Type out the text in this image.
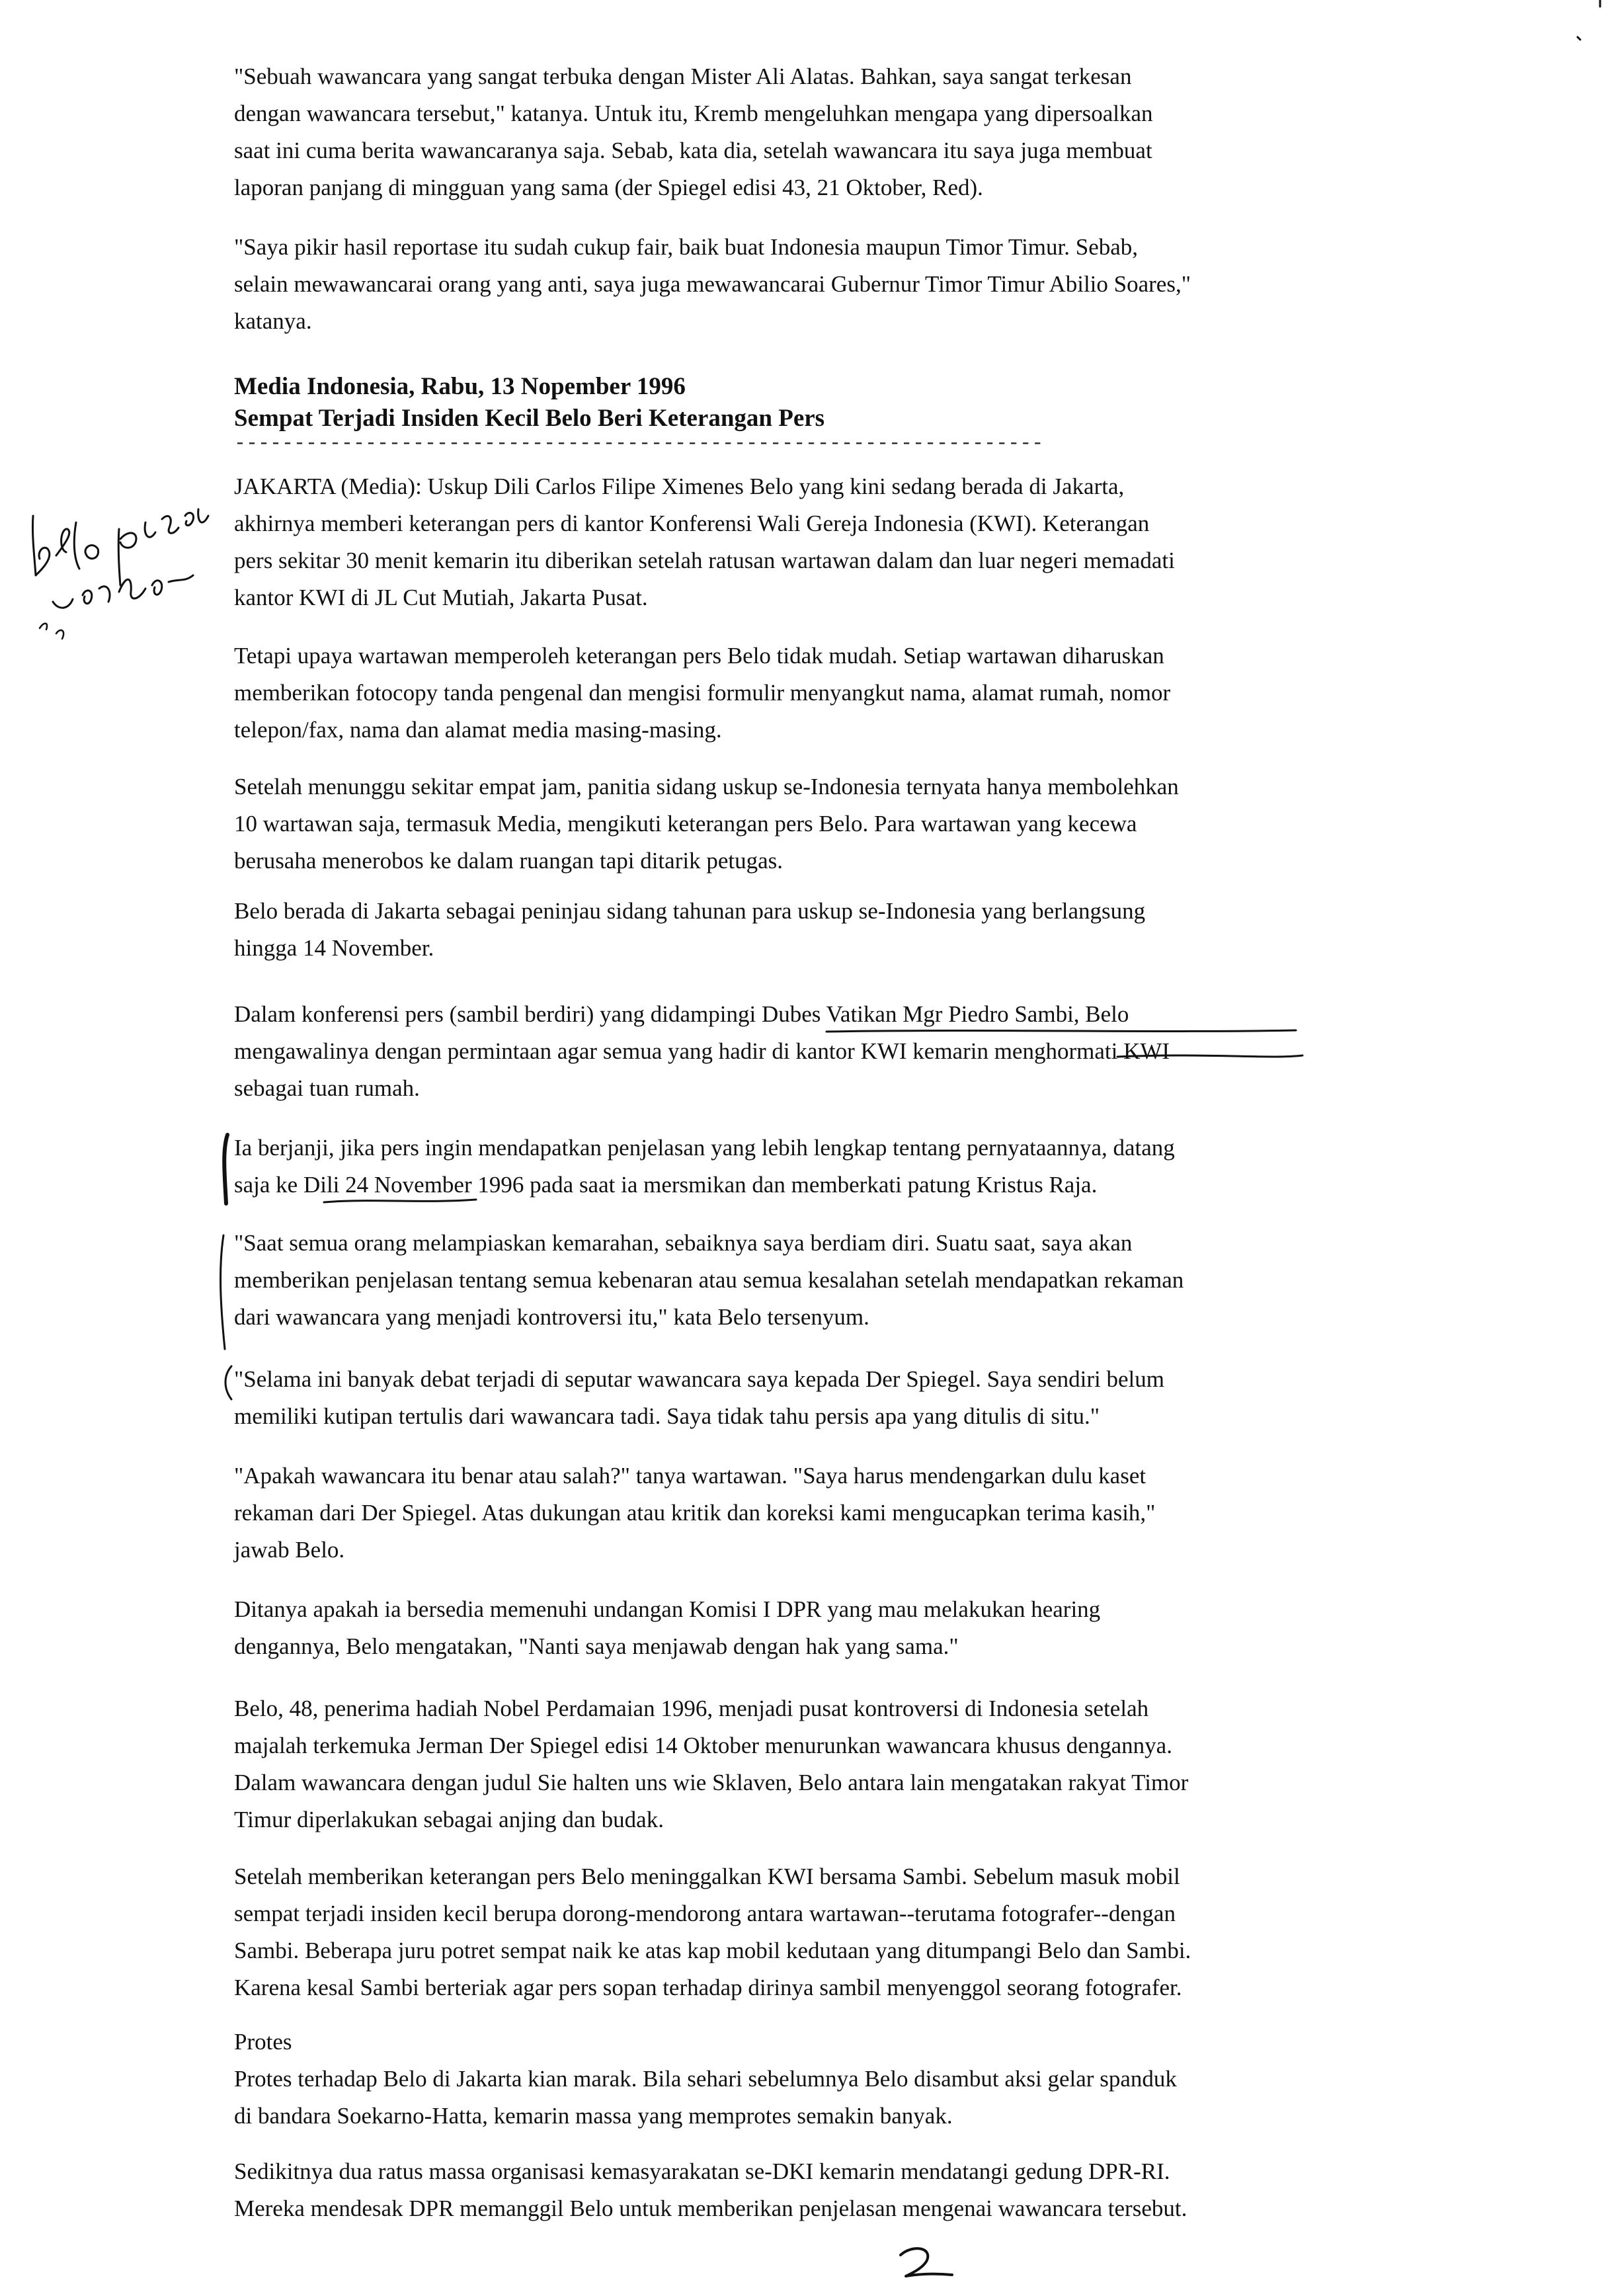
"Sebuah wawancara yang sangat terbuka dengan Mister Ali Alatas. Bahkan, saya sangat terkesan
dengan wawancara tersebut," katanya. Untuk itu, Kremb mengeluhkan mengapa yang dipersoalkan
saat ini cuma berita wawancaranya saja. Sebab, kata dia, setelah wawancara itu saya juga membuat
laporan panjang di mingguan yang sama (der Spiegel edisi 43, 21 Oktober, Red).
"Saya pikir hasil reportase itu sudah cukup fair, baik buat Indonesia maupun Timor Timur. Sebab,
selain mewawancarai orang yang anti, saya juga mewawancarai Gubernur Timor Timur Abilio Soares,"
katanya.
Media Indonesia, Rabu, 13 Nopember 1996
Sempat Terjadi Insiden Kecil Belo Beri Keterangan Pers
--------------------------------------------------------------------
JAKARTA (Media): Uskup Dili Carlos Filipe Ximenes Belo yang kini sedang berada di Jakarta,
akhirnya memberi keterangan pers di kantor Konferensi Wali Gereja Indonesia (KWI). Keterangan
pers sekitar 30 menit kemarin itu diberikan setelah ratusan wartawan dalam dan luar negeri memadati
kantor KWI di JL Cut Mutiah, Jakarta Pusat.
Tetapi upaya wartawan memperoleh keterangan pers Belo tidak mudah. Setiap wartawan diharuskan
memberikan fotocopy tanda pengenal dan mengisi formulir menyangkut nama, alamat rumah, nomor
telepon/fax, nama dan alamat media masing-masing.
Setelah menunggu sekitar empat jam, panitia sidang uskup se-Indonesia ternyata hanya membolehkan
10 wartawan saja, termasuk Media, mengikuti keterangan pers Belo. Para wartawan yang kecewa
berusaha menerobos ke dalam ruangan tapi ditarik petugas.
Belo berada di Jakarta sebagai peninjau sidang tahunan para uskup se-Indonesia yang berlangsung
hingga 14 November.
Dalam konferensi pers (sambil berdiri) yang didampingi Dubes Vatikan Mgr Piedro Sambi, Belo
mengawalinya dengan permintaan agar semua yang hadir di kantor KWI kemarin menghormati KWI
sebagai tuan rumah.
Ia berjanji, jika pers ingin mendapatkan penjelasan yang lebih lengkap tentang pernyataannya, datang
saja ke Dili 24 November 1996 pada saat ia mersmikan dan memberkati patung Kristus Raja.
"Saat semua orang melampiaskan kemarahan, sebaiknya saya berdiam diri. Suatu saat, saya akan
memberikan penjelasan tentang semua kebenaran atau semua kesalahan setelah mendapatkan rekaman
dari wawancara yang menjadi kontroversi itu," kata Belo tersenyum.
"Selama ini banyak debat terjadi di seputar wawancara saya kepada Der Spiegel. Saya sendiri belum
memiliki kutipan tertulis dari wawancara tadi. Saya tidak tahu persis apa yang ditulis di situ."
"Apakah wawancara itu benar atau salah?" tanya wartawan. "Saya harus mendengarkan dulu kaset
rekaman dari Der Spiegel. Atas dukungan atau kritik dan koreksi kami mengucapkan terima kasih,"
jawab Belo.
Ditanya apakah ia bersedia memenuhi undangan Komisi I DPR yang mau melakukan hearing
dengannya, Belo mengatakan, "Nanti saya menjawab dengan hak yang sama."
Belo, 48, penerima hadiah Nobel Perdamaian 1996, menjadi pusat kontroversi di Indonesia setelah
majalah terkemuka Jerman Der Spiegel edisi 14 Oktober menurunkan wawancara khusus dengannya.
Dalam wawancara dengan judul Sie halten uns wie Sklaven, Belo antara lain mengatakan rakyat Timor
Timur diperlakukan sebagai anjing dan budak.
Setelah memberikan keterangan pers Belo meninggalkan KWI bersama Sambi. Sebelum masuk mobil
sempat terjadi insiden kecil berupa dorong-mendorong antara wartawan--terutama fotografer--dengan
Sambi. Beberapa juru potret sempat naik ke atas kap mobil kedutaan yang ditumpangi Belo dan Sambi.
Karena kesal Sambi berteriak agar pers sopan terhadap dirinya sambil menyenggol seorang fotografer.
Protes
Protes terhadap Belo di Jakarta kian marak. Bila sehari sebelumnya Belo disambut aksi gelar spanduk
di bandara Soekarno-Hatta, kemarin massa yang memprotes semakin banyak.
Sedikitnya dua ratus massa organisasi kemasyarakatan se-DKI kemarin mendatangi gedung DPR-RI.
Mereka mendesak DPR memanggil Belo untuk memberikan penjelasan mengenai wawancara tersebut.
